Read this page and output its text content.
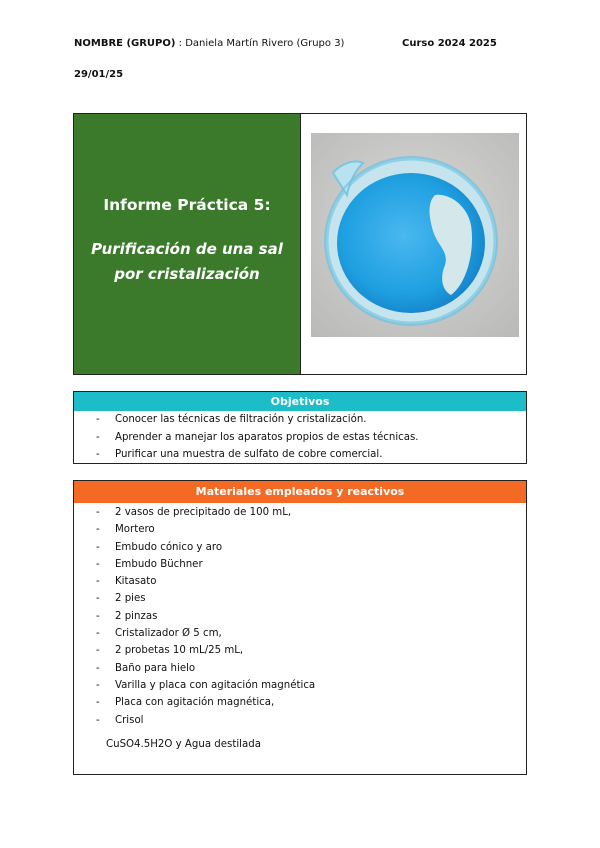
NOMBRE (GRUPO) : Daniela Martín Rivero (Grupo 3)	Curso 2024 2025
29/01/25
Informe Práctica 5:
Purificación de una sal por cristalización
Objetivos
- Conocer las técnicas de filtración y cristalización.
- Aprender a manejar los aparatos propios de estas técnicas.
- Purificar una muestra de sulfato de cobre comercial.
Materiales empleados y reactivos
- 2 vasos de precipitado de 100 mL,
- Mortero
- Embudo cónico y aro
- Embudo Büchner
- Kitasato
- 2 pies
- 2 pinzas
- Cristalizador Ø 5 cm,
- 2 probetas 10 mL/25 mL,
- Baño para hielo
- Varilla y placa con agitación magnética
- Placa con agitación magnética,
- Crisol
CuSO4.5H2O y Agua destilada
